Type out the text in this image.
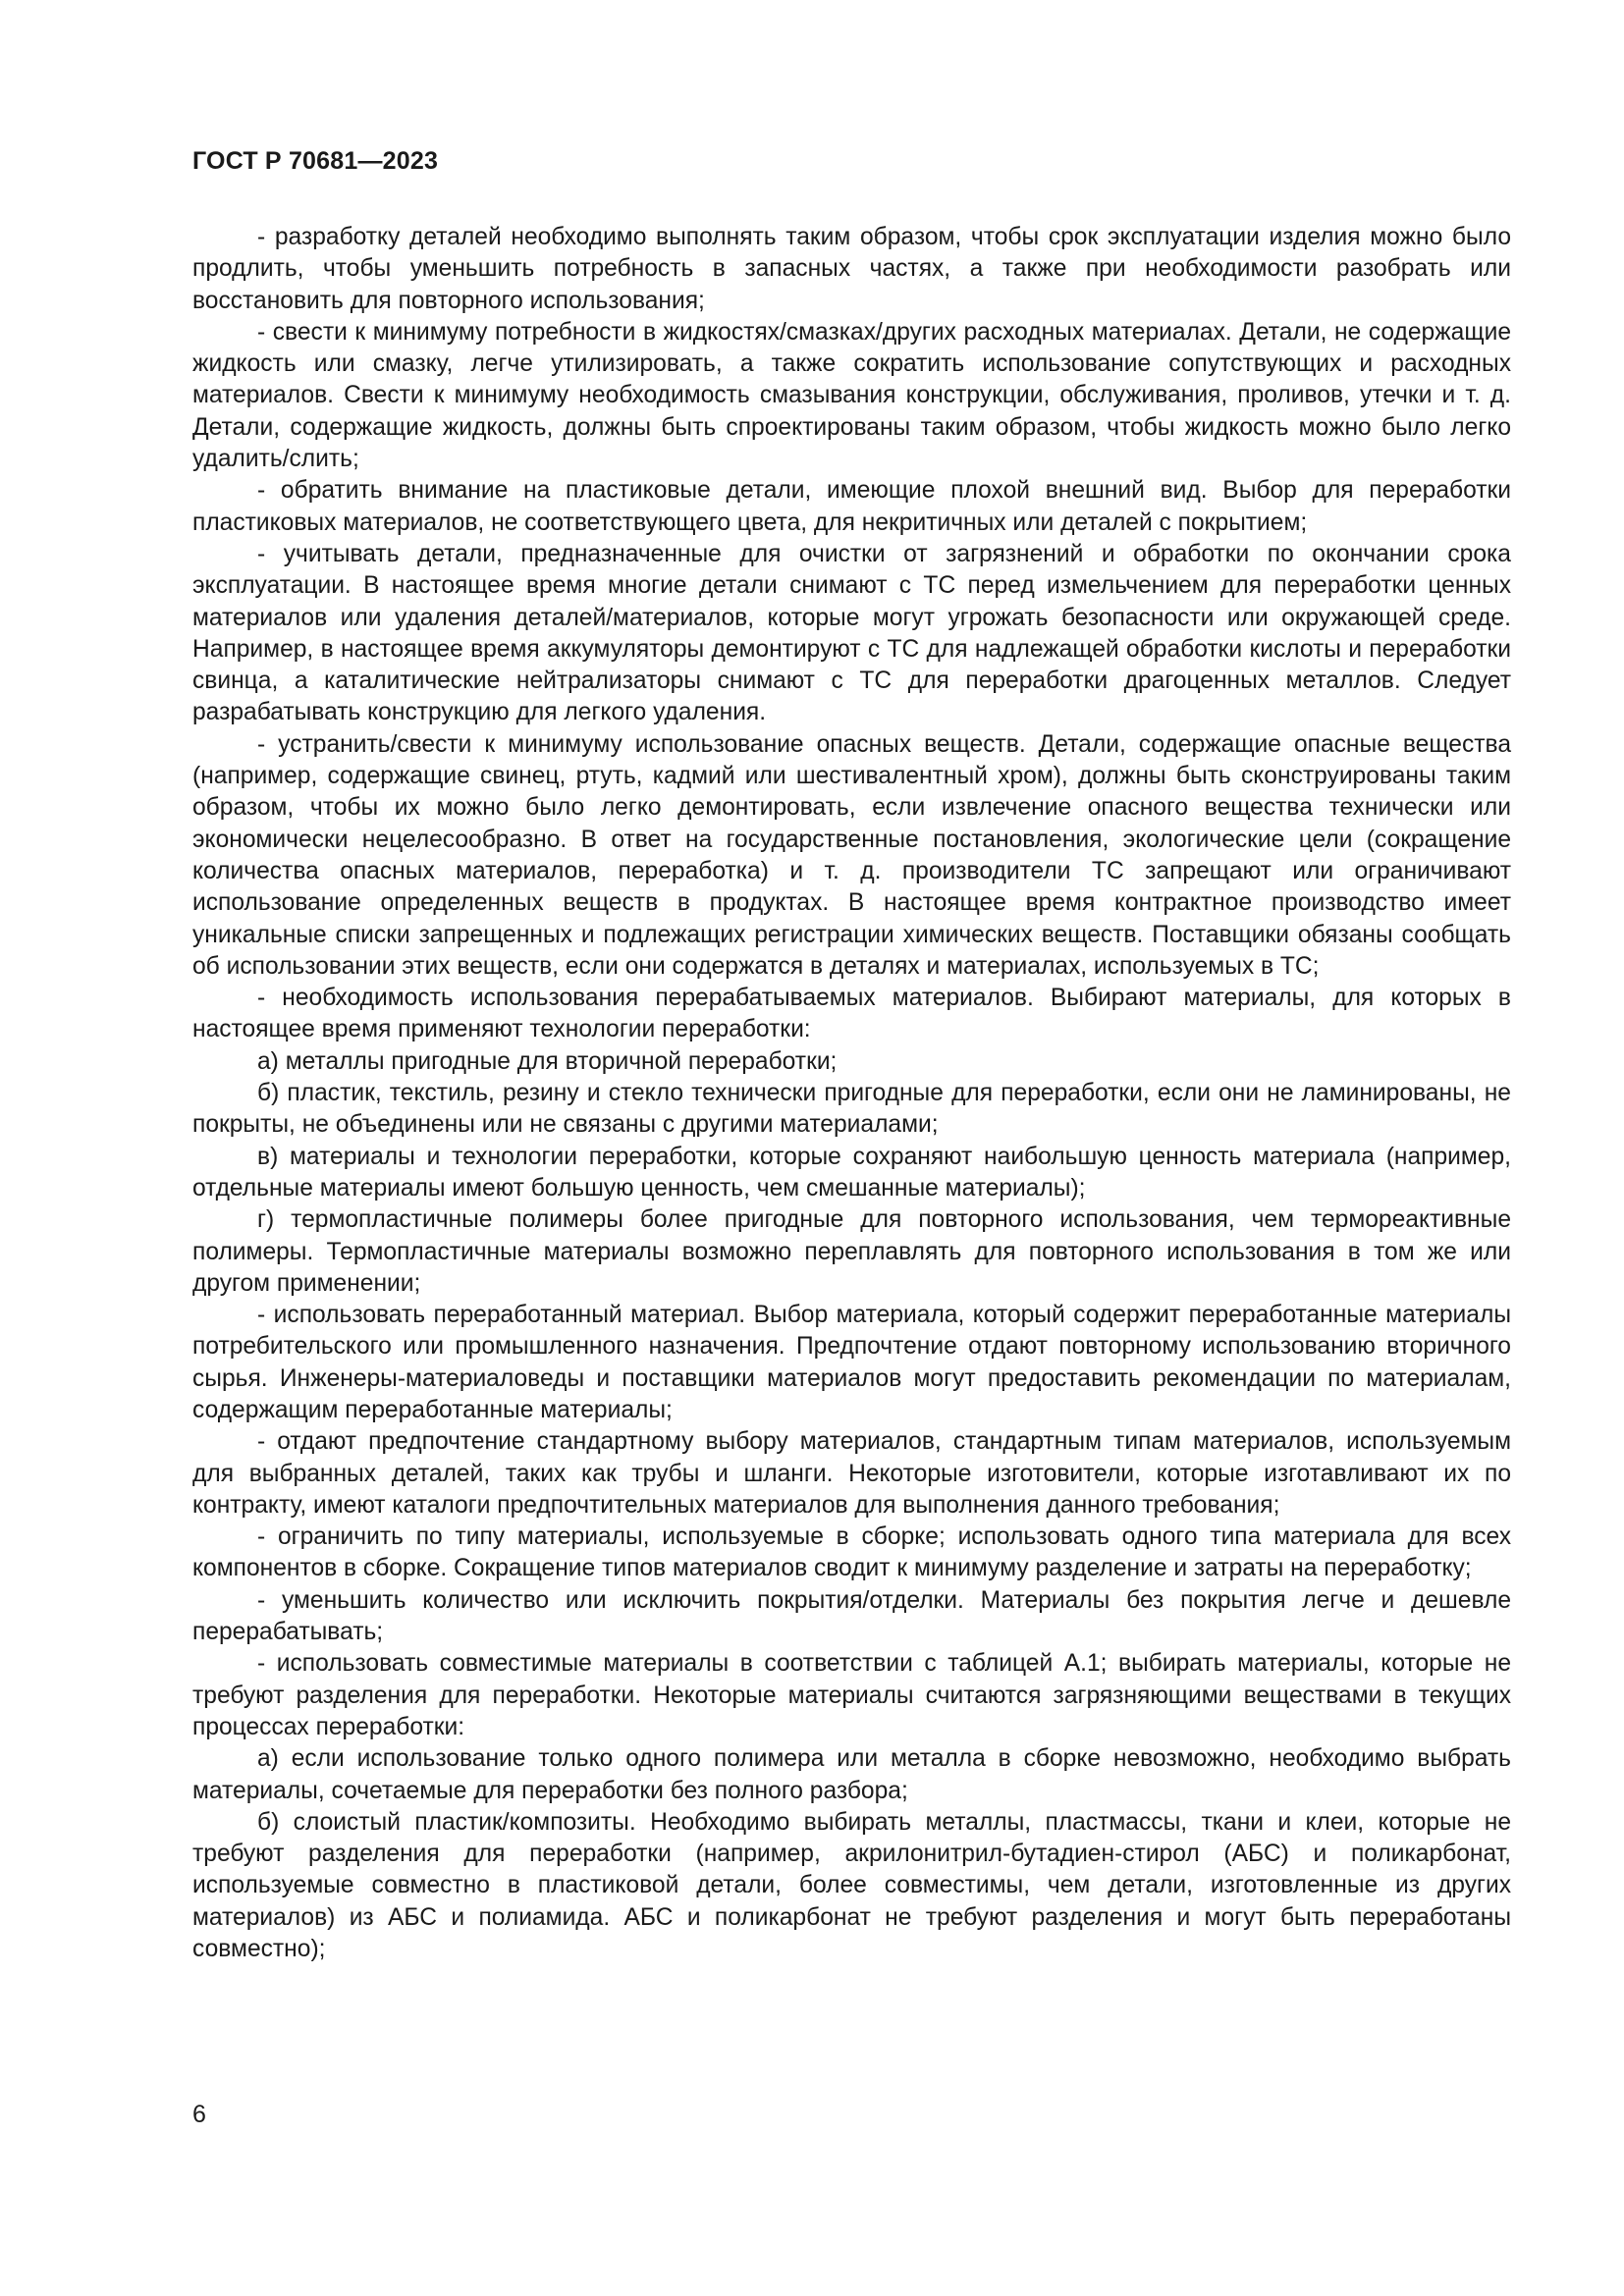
ГОСТ Р 70681—2023

- разработку деталей необходимо выполнять таким образом, чтобы срок эксплуатации изделия можно было продлить, чтобы уменьшить потребность в запасных частях, а также при необходимости разобрать или восстановить для повторного использования;

- свести к минимуму потребности в жидкостях/смазках/других расходных материалах. Детали, не содержащие жидкость или смазку, легче утилизировать, а также сократить использование сопутствующих и расходных материалов. Свести к минимуму необходимость смазывания конструкции, обслуживания, проливов, утечки и т. д. Детали, содержащие жидкость, должны быть спроектированы таким образом, чтобы жидкость можно было легко удалить/слить;

- обратить внимание на пластиковые детали, имеющие плохой внешний вид. Выбор для переработки пластиковых материалов, не соответствующего цвета, для некритичных или деталей с покрытием;

- учитывать детали, предназначенные для очистки от загрязнений и обработки по окончании срока эксплуатации. В настоящее время многие детали снимают с ТС перед измельчением для переработки ценных материалов или удаления деталей/материалов, которые могут угрожать безопасности или окружающей среде. Например, в настоящее время аккумуляторы демонтируют с ТС для надлежащей обработки кислоты и переработки свинца, а каталитические нейтрализаторы снимают с ТС для переработки драгоценных металлов. Следует разрабатывать конструкцию для легкого удаления.

- устранить/свести к минимуму использование опасных веществ. Детали, содержащие опасные вещества (например, содержащие свинец, ртуть, кадмий или шестивалентный хром), должны быть сконструированы таким образом, чтобы их можно было легко демонтировать, если извлечение опасного вещества технически или экономически нецелесообразно. В ответ на государственные постановления, экологические цели (сокращение количества опасных материалов, переработка) и т. д. производители ТС запрещают или ограничивают использование определенных веществ в продуктах. В настоящее время контрактное производство имеет уникальные списки запрещенных и подлежащих регистрации химических веществ. Поставщики обязаны сообщать об использовании этих веществ, если они содержатся в деталях и материалах, используемых в ТС;

- необходимость использования перерабатываемых материалов. Выбирают материалы, для которых в настоящее время применяют технологии переработки:

а) металлы пригодные для вторичной переработки;

б) пластик, текстиль, резину и стекло технически пригодные для переработки, если они не ламинированы, не покрыты, не объединены или не связаны с другими материалами;

в) материалы и технологии переработки, которые сохраняют наибольшую ценность материала (например, отдельные материалы имеют большую ценность, чем смешанные материалы);

г) термопластичные полимеры более пригодные для повторного использования, чем термореактивные полимеры. Термопластичные материалы возможно переплавлять для повторного использования в том же или другом применении;

- использовать переработанный материал. Выбор материала, который содержит переработанные материалы потребительского или промышленного назначения. Предпочтение отдают повторному использованию вторичного сырья. Инженеры-материаловеды и поставщики материалов могут предоставить рекомендации по материалам, содержащим переработанные материалы;

- отдают предпочтение стандартному выбору материалов, стандартным типам материалов, используемым для выбранных деталей, таких как трубы и шланги. Некоторые изготовители, которые изготавливают их по контракту, имеют каталоги предпочтительных материалов для выполнения данного требования;

- ограничить по типу материалы, используемые в сборке; использовать одного типа материала для всех компонентов в сборке. Сокращение типов материалов сводит к минимуму разделение и затраты на переработку;

- уменьшить количество или исключить покрытия/отделки. Материалы без покрытия легче и дешевле перерабатывать;

- использовать совместимые материалы в соответствии с таблицей А.1; выбирать материалы, которые не требуют разделения для переработки. Некоторые материалы считаются загрязняющими веществами в текущих процессах переработки:

а) если использование только одного полимера или металла в сборке невозможно, необходимо выбрать материалы, сочетаемые для переработки без полного разбора;

б) слоистый пластик/композиты. Необходимо выбирать металлы, пластмассы, ткани и клеи, которые не требуют разделения для переработки (например, акрилонитрил-бутадиен-стирол (АБС) и поликарбонат, используемые совместно в пластиковой детали, более совместимы, чем детали, изготовленные из других материалов) из АБС и полиамида. АБС и поликарбонат не требуют разделения и могут быть переработаны совместно);

6
